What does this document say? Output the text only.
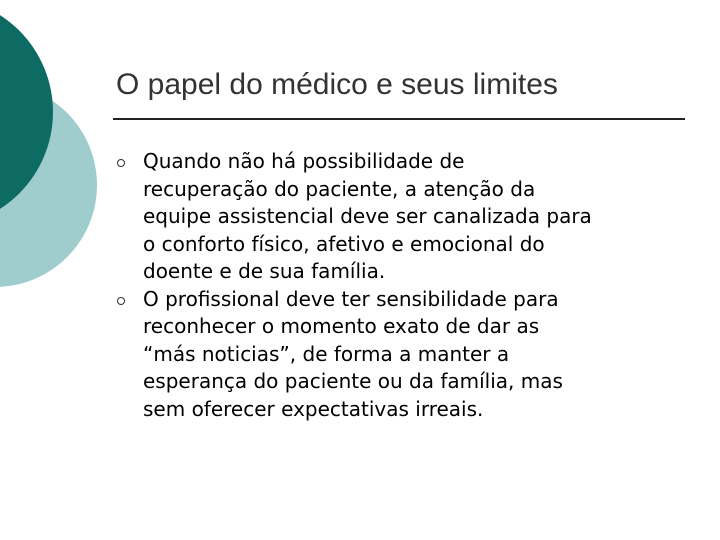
O papel do médico e seus limites
Quando não há possibilidade de
recuperação do paciente, a atenção da
equipe assistencial deve ser canalizada para
o conforto físico, afetivo e emocional do
doente e de sua família.
O profissional deve ter sensibilidade para
reconhecer o momento exato de dar as
“más noticias”, de forma a manter a
esperança do paciente ou da família, mas
sem oferecer expectativas irreais.
